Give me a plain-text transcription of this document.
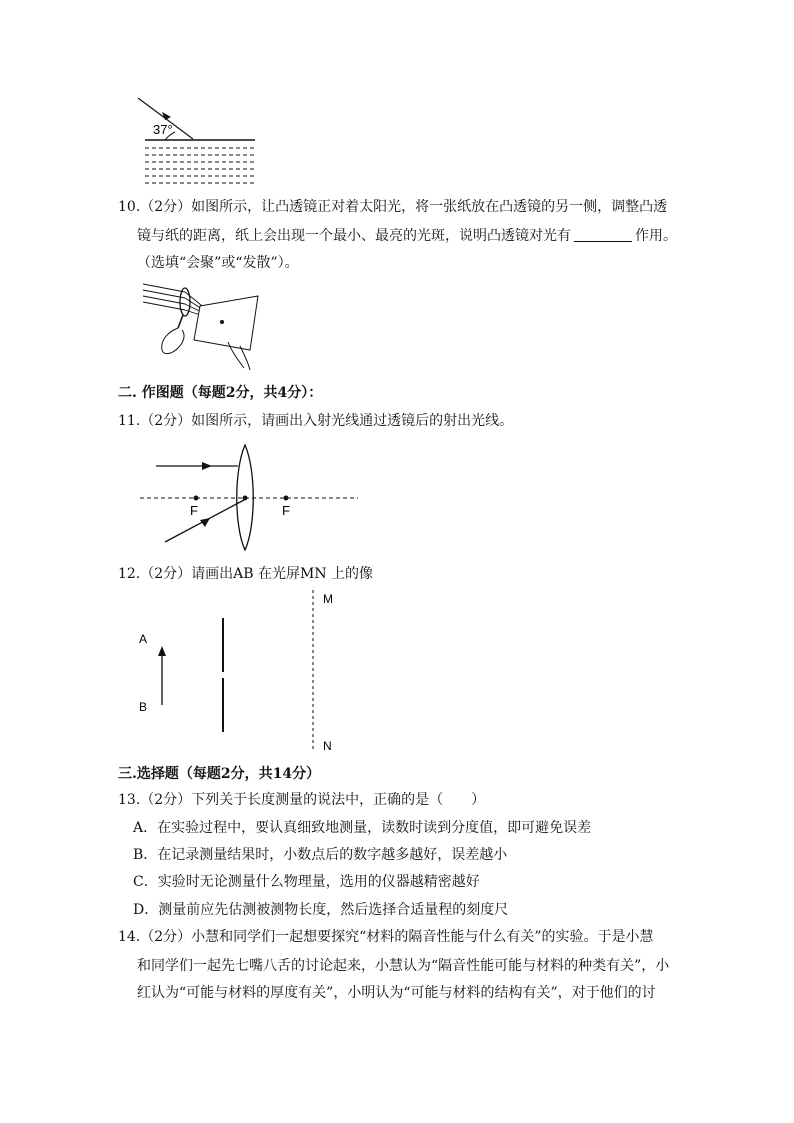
37°
10.（2分）如图所示，让凸透镜正对着太阳光，将一张纸放在凸透镜的另一侧，调整凸透
镜与纸的距离，纸上会出现一个最小、最亮的光斑，说明凸透镜对光有	作用。
（选填“会聚”或“发散”）。
二. 作图题（每题2分，共4分）：
11.（2分）如图所示，请画出入射光线通过透镜后的射出光线。
F	F
12.（2分）请画出AB 在光屏MN 上的像
A
B
M
N
三.选择题（每题2分，共14分）
13.（2分）下列关于长度测量的说法中，正确的是（　　）
A．在实验过程中，要认真细致地测量，读数时读到分度值，即可避免误差
B．在记录测量结果时，小数点后的数字越多越好，误差越小
C．实验时无论测量什么物理量，选用的仪器越精密越好
D．测量前应先估测被测物长度，然后选择合适量程的刻度尺
14.（2分）小慧和同学们一起想要探究“材料的隔音性能与什么有关”的实验。于是小慧
和同学们一起先七嘴八舌的讨论起来，小慧认为“隔音性能可能与材料的种类有关”，小
红认为“可能与材料的厚度有关”，小明认为“可能与材料的结构有关”，对于他们的讨
